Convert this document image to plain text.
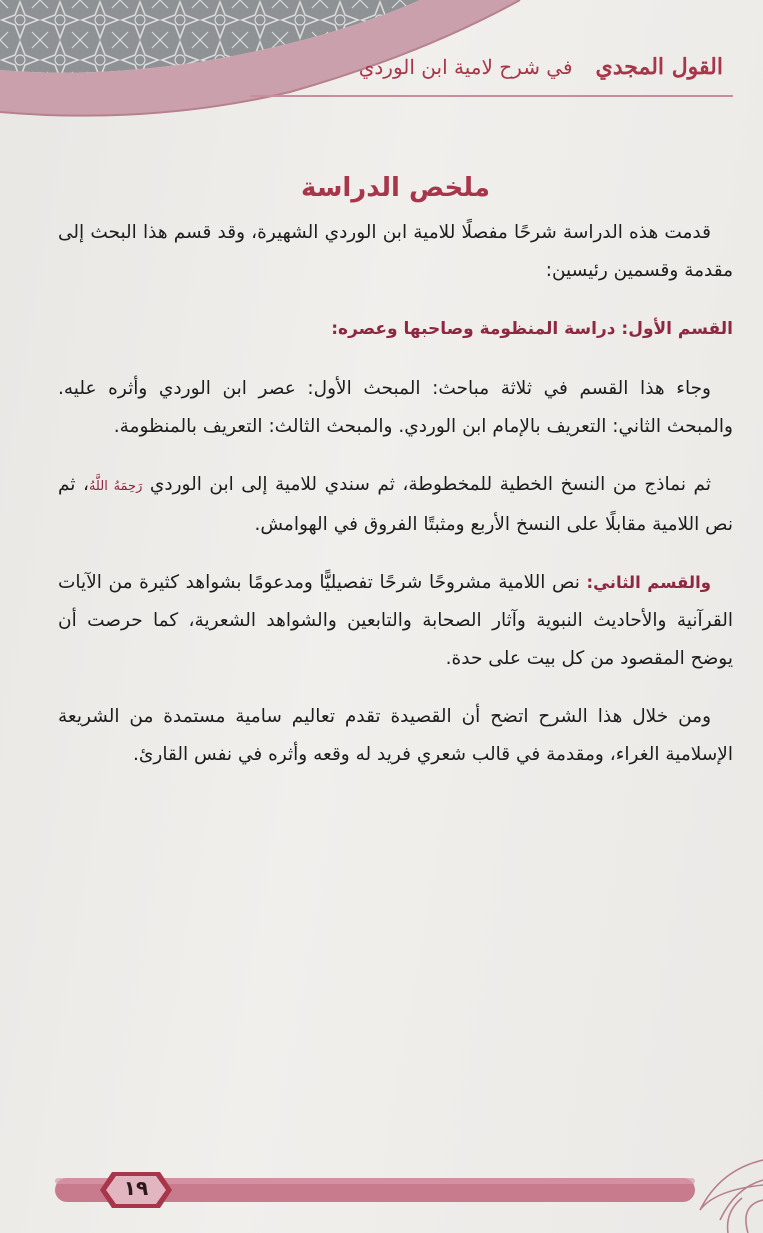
القول المجدي   في شرح لامية ابن الوردي
ملخص الدراسة

قدمت هذه الدراسة شرحًا مفصلًا للامية ابن الوردي الشهيرة، وقد قسم هذا البحث إلى مقدمة وقسمين رئيسين:

القسم الأول: دراسة المنظومة وصاحبها وعصره:

وجاء هذا القسم في ثلاثة مباحث: المبحث الأول: عصر ابن الوردي وأثره عليه. والمبحث الثاني: التعريف بالإمام ابن الوردي. والمبحث الثالث: التعريف بالمنظومة.

ثم نماذج من النسخ الخطية للمخطوطة، ثم سندي للامية إلى ابن الوردي رَحِمَهُ اللَّهُ، ثم نص اللامية مقابلًا على النسخ الأربع ومثبتًا الفروق في الهوامش.

والقسم الثاني: نص اللامية مشروحًا شرحًا تفصيليًّا ومدعومًا بشواهد كثيرة من الآيات القرآنية والأحاديث النبوية وآثار الصحابة والتابعين والشواهد الشعرية، كما حرصت أن يوضح المقصود من كل بيت على حدة.

ومن خلال هذا الشرح اتضح أن القصيدة تقدم تعاليم سامية مستمدة من الشريعة الإسلامية الغراء، ومقدمة في قالب شعري فريد له وقعه وأثره في نفس القارئ.

١٩
